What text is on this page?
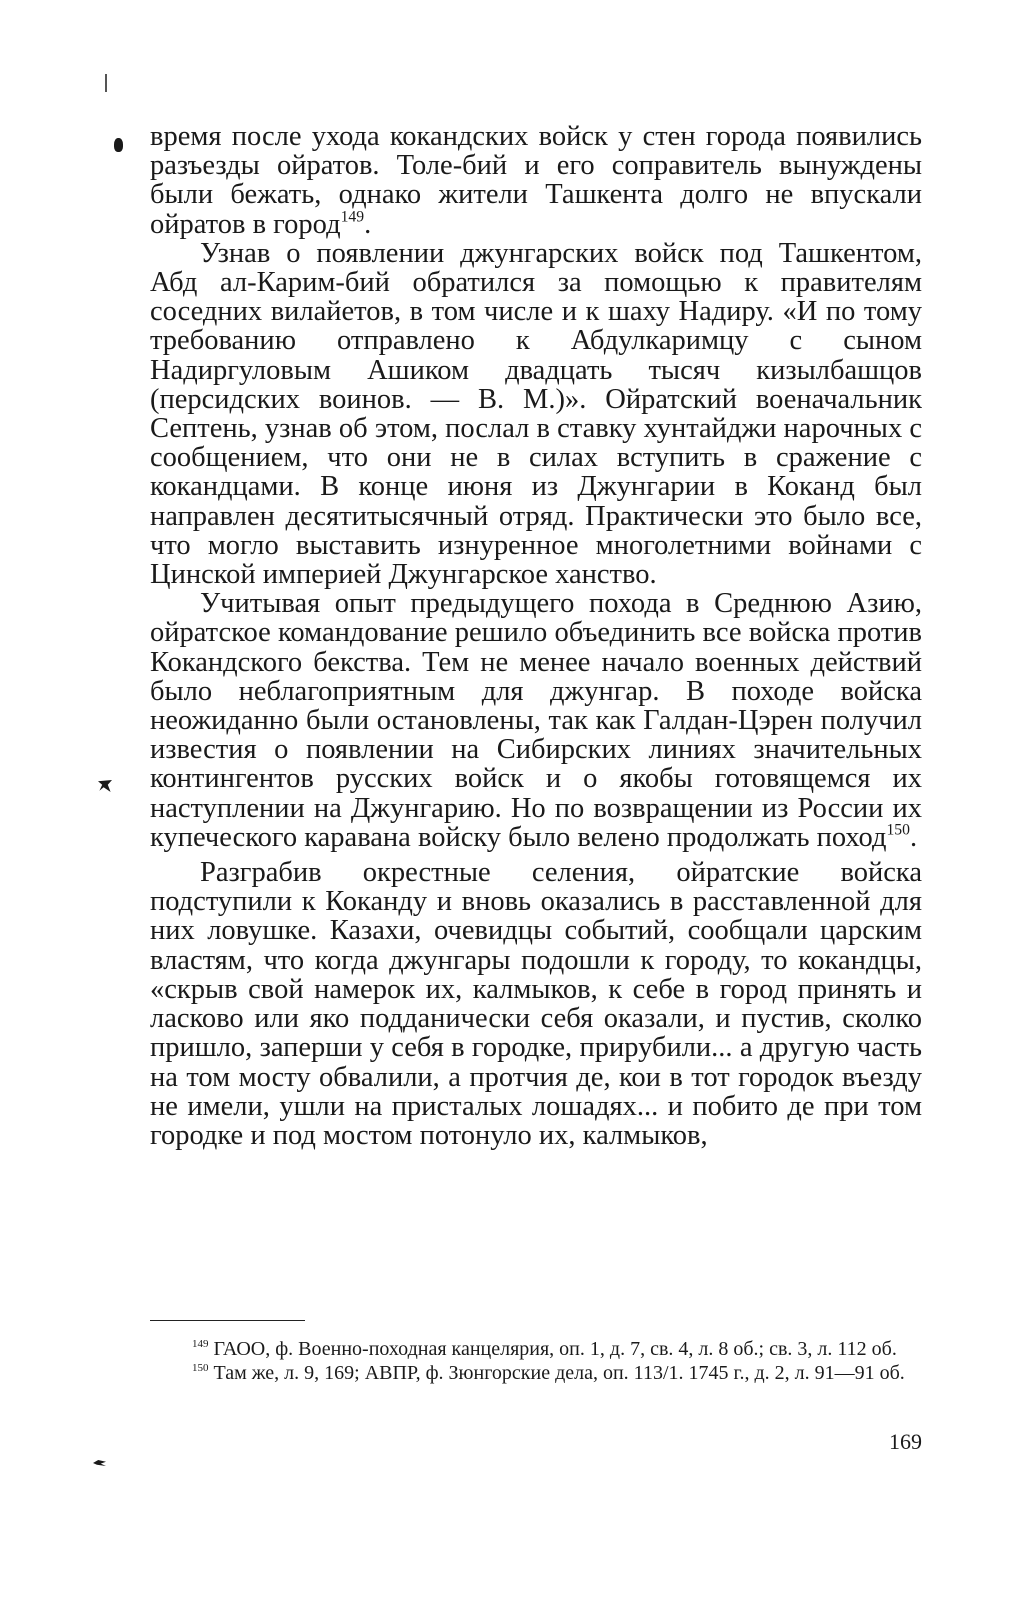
время после ухода кокандских войск у стен города появились разъезды ойратов. Толе-бий и его соправитель вынуждены были бежать, однако жители Ташкента долго не впускали ойратов в город$^{149}$.

Узнав о появлении джунгарских войск под Ташкентом, Абд ал-Карим-бий обратился за помощью к правителям соседних вилайетов, в том числе и к шаху Надиру. «И по тому требованию отправлено к Абдулкаримцу с сыном Надиргуловым Ашиком двадцать тысяч кизылбашцов (персидских воинов. — В. М.)». Ойратский военачальник Септень, узнав об этом, послал в ставку хунтайджи нарочных с сообщением, что они не в силах вступить в сражение с кокандцами. В конце июня из Джунгарии в Коканд был направлен десятитысячный отряд. Практически это было все, что могло выставить изнуренное многолетними войнами с Цинской империей Джунгарское ханство.

Учитывая опыт предыдущего похода в Среднюю Азию, ойратское командование решило объединить все войска против Кокандского бекства. Тем не менее начало военных действий было неблагоприятным для джунгар. В походе войска неожиданно были остановлены, так как Галдан-Цэрен получил известия о появлении на Сибирских линиях значительных контингентов русских войск и о якобы готовящемся их наступлении на Джунгарию. Но по возвращении из России их купеческого каравана войску было велено продолжать поход$^{150}$.

Разграбив окрестные селения, ойратские войска подступили к Коканду и вновь оказались в расставленной для них ловушке. Казахи, очевидцы событий, сообщали царским властям, что когда джунгары подошли к городу, то кокандцы, «скрыв свой намерок их, калмыков, к себе в город принять и ласково или яко подданически себя оказали, и пустив, сколко пришло, заперши у себя в городке, прирубили... а другую часть на том мосту обвалили, а протчия де, кои в тот городок въезду не имели, ушли на присталых лошадях... и побито де при том городке и под мостом потонуло их, калмыков,

$^{149}$ ГАОО, ф. Военно-походная канцелярия, оп. 1, д. 7, св. 4, л. 8 об.; св. 3, л. 112 об.

$^{150}$ Там же, л. 9, 169; АВПР, ф. Зюнгорские дела, оп. 113/1. 1745 г., д. 2, л. 91—91 об.

169
